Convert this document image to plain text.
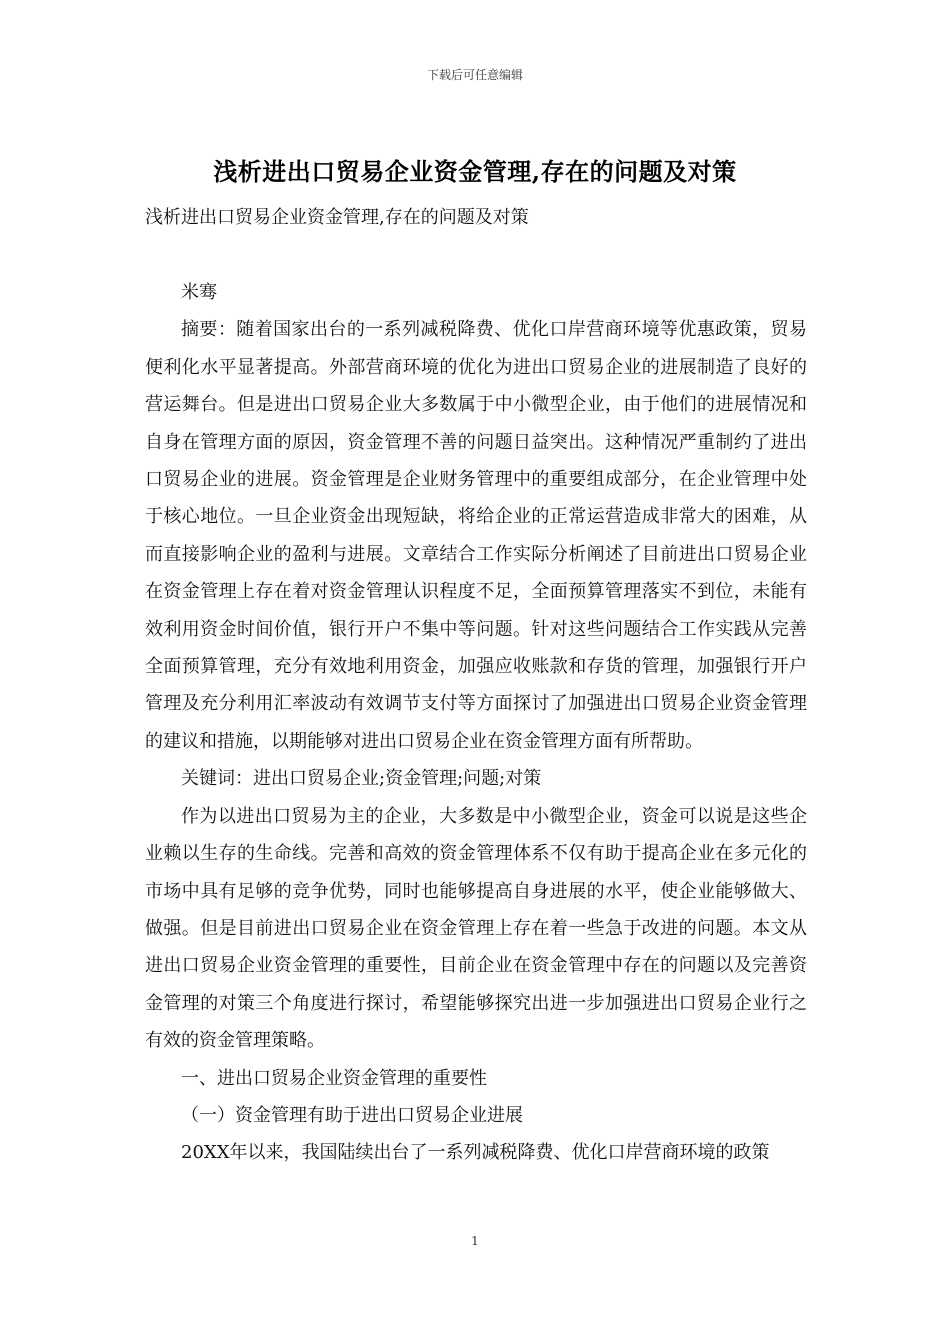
下载后可任意编辑
浅析进出口贸易企业资金管理,存在的问题及对策
浅析进出口贸易企业资金管理,存在的问题及对策

米骞

摘要：随着国家出台的一系列减税降费、优化口岸营商环境等优惠政策，贸易便利化水平显著提高。外部营商环境的优化为进出口贸易企业的进展制造了良好的营运舞台。但是进出口贸易企业大多数属于中小微型企业，由于他们的进展情况和自身在管理方面的原因，资金管理不善的问题日益突出。这种情况严重制约了进出口贸易企业的进展。资金管理是企业财务管理中的重要组成部分，在企业管理中处于核心地位。一旦企业资金出现短缺，将给企业的正常运营造成非常大的困难，从而直接影响企业的盈利与进展。文章结合工作实际分析阐述了目前进出口贸易企业在资金管理上存在着对资金管理认识程度不足，全面预算管理落实不到位，未能有效利用资金时间价值，银行开户不集中等问题。针对这些问题结合工作实践从完善全面预算管理，充分有效地利用资金，加强应收账款和存货的管理，加强银行开户管理及充分利用汇率波动有效调节支付等方面探讨了加强进出口贸易企业资金管理的建议和措施，以期能够对进出口贸易企业在资金管理方面有所帮助。

关键词：进出口贸易企业;资金管理;问题;对策

作为以进出口贸易为主的企业，大多数是中小微型企业，资金可以说是这些企业赖以生存的生命线。完善和高效的资金管理体系不仅有助于提高企业在多元化的市场中具有足够的竞争优势，同时也能够提高自身进展的水平，使企业能够做大、做强。但是目前进出口贸易企业在资金管理上存在着一些急于改进的问题。本文从进出口贸易企业资金管理的重要性，目前企业在资金管理中存在的问题以及完善资金管理的对策三个角度进行探讨，希望能够探究出进一步加强进出口贸易企业行之有效的资金管理策略。

一、进出口贸易企业资金管理的重要性

（一）资金管理有助于进出口贸易企业进展

20XX年以来，我国陆续出台了一系列减税降费、优化口岸营商环境的政策

1
